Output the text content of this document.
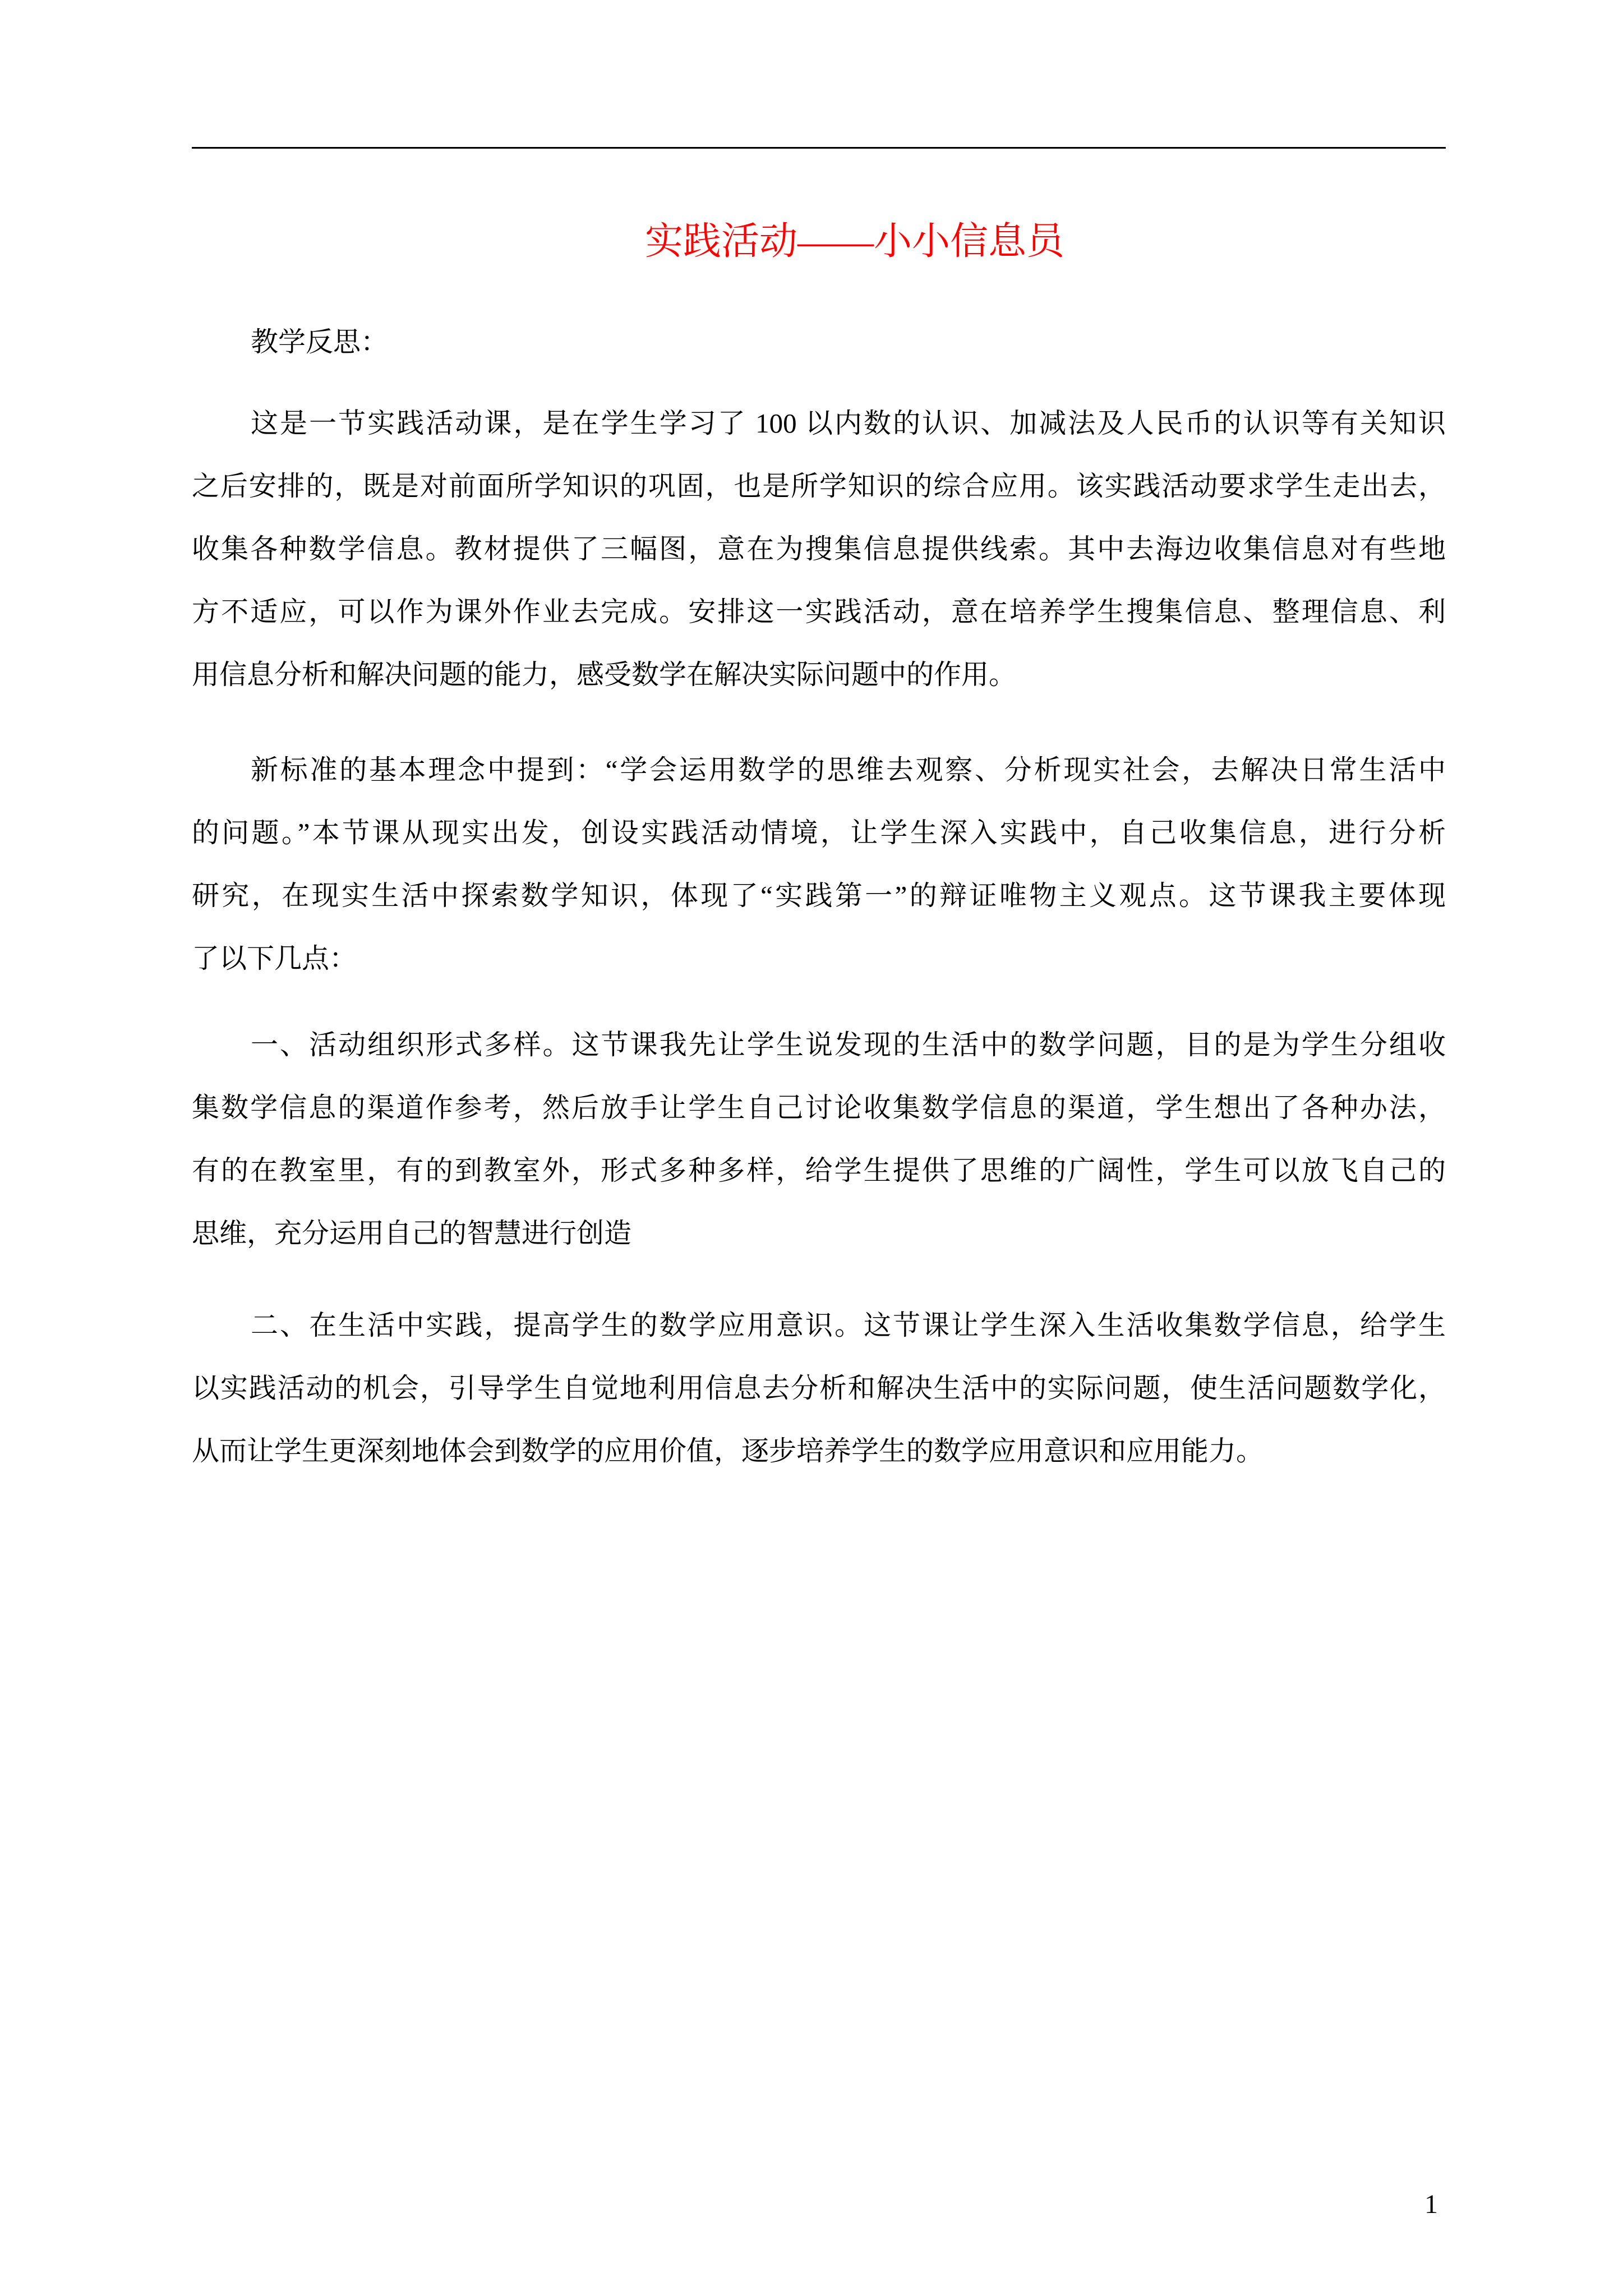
实践活动——小小信息员
教学反思：
这是一节实践活动课，是在学生学习了 100 以内数的认识、加减法及人民币的认识等有关知识
之后安排的，既是对前面所学知识的巩固，也是所学知识的综合应用。该实践活动要求学生走出去，
收集各种数学信息。教材提供了三幅图，意在为搜集信息提供线索。其中去海边收集信息对有些地
方不适应，可以作为课外作业去完成。安排这一实践活动，意在培养学生搜集信息、整理信息、利
用信息分析和解决问题的能力，感受数学在解决实际问题中的作用。
新标准的基本理念中提到：“学会运用数学的思维去观察、分析现实社会，去解决日常生活中
的问题。”本节课从现实出发，创设实践活动情境，让学生深入实践中，自己收集信息，进行分析
研究，在现实生活中探索数学知识，体现了“实践第一”的辩证唯物主义观点。这节课我主要体现
了以下几点：
一、活动组织形式多样。这节课我先让学生说发现的生活中的数学问题，目的是为学生分组收
集数学信息的渠道作参考，然后放手让学生自己讨论收集数学信息的渠道，学生想出了各种办法，
有的在教室里，有的到教室外，形式多种多样，给学生提供了思维的广阔性，学生可以放飞自己的
思维，充分运用自己的智慧进行创造
二、在生活中实践，提高学生的数学应用意识。这节课让学生深入生活收集数学信息，给学生
以实践活动的机会，引导学生自觉地利用信息去分析和解决生活中的实际问题，使生活问题数学化，
从而让学生更深刻地体会到数学的应用价值，逐步培养学生的数学应用意识和应用能力。
1
